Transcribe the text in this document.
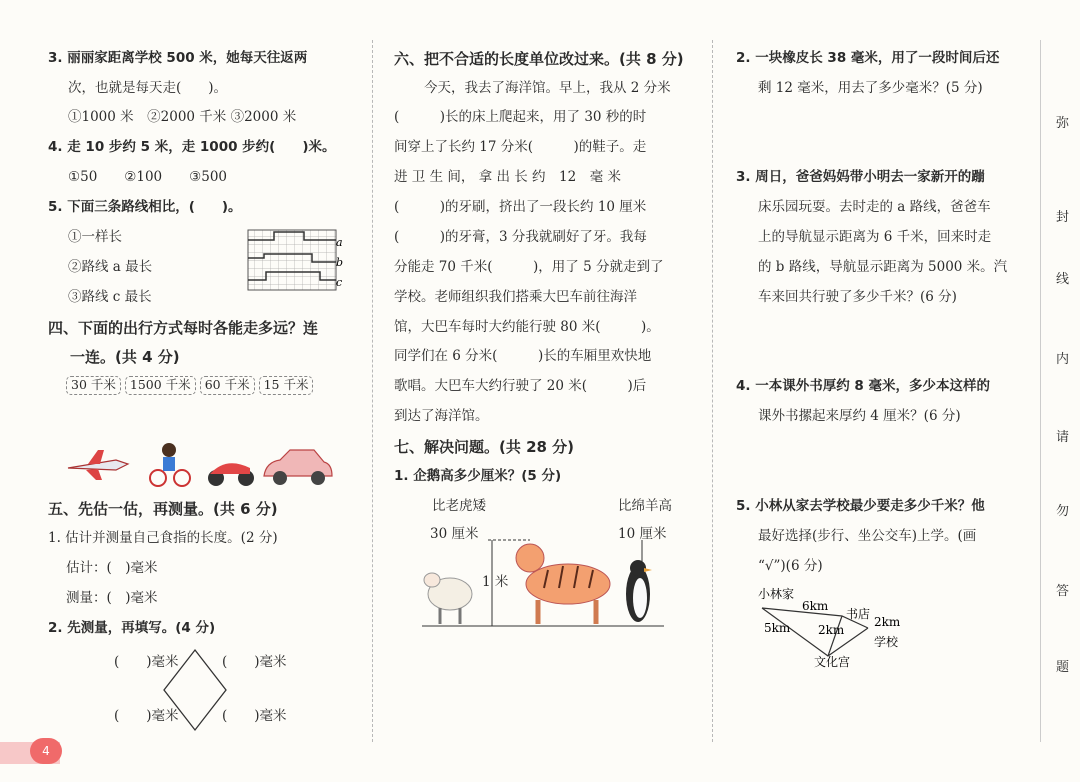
3. 丽丽家距离学校 500 米，她每天往返两
次，也就是每天走(　　)。
①1000 米　②2000 千米 ③2000 米
4. 走 10 步约 5 米，走 1000 步约(　　)米。
①50　　②100　　③500
5. 下面三条路线相比，(　　)。
①一样长
②路线 a 最长
③路线 c 最长
a
b
c
四、下面的出行方式每时各能走多远？连
一连。(共 4 分)
30 千米 1500 千米 60 千米 15 千米
五、先估一估，再测量。(共 6 分)
1. 估计并测量自己食指的长度。(2 分)
估计：(　)毫米
测量：(　)毫米
2. 先测量，再填写。(4 分)
(　　)毫米	(　　)毫米
(　　)毫米	(　　)毫米
六、把不合适的长度单位改过来。(共 8 分)
今天，我去了海洋馆。早上，我从 2 分米
(　　　)长的床上爬起来，用了 30 秒的时
间穿上了长约 17 分米(　　　)的鞋子。走
进 卫 生 间， 拿 出 长 约　12　毫 米
(　　　)的牙刷，挤出了一段长约 10 厘米
(　　　)的牙膏，3 分我就刷好了牙。我每
分能走 70 千米(　　　)，用了 5 分就走到了
学校。老师组织我们搭乘大巴车前往海洋
馆，大巴车每时大约能行驶 80 米(　　　)。
同学们在 6 分米(　　　)长的车厢里欢快地
歌唱。大巴车大约行驶了 20 米(　　　)后
到达了海洋馆。
七、解决问题。(共 28 分)
1. 企鹅高多少厘米？(5 分)
比老虎矮	比绵羊高
30 厘米	10 厘米
1 米
2. 一块橡皮长 38 毫米，用了一段时间后还
剩 12 毫米，用去了多少毫米？(5 分)
3. 周日，爸爸妈妈带小明去一家新开的蹦
床乐园玩耍。去时走的 a 路线，爸爸车
上的导航显示距离为 6 千米，回来时走
的 b 路线，导航显示距离为 5000 米。汽
车来回共行驶了多少千米？(6 分)
4. 一本课外书厚约 8 毫米，多少本这样的
课外书摞起来厚约 4 厘米？(6 分)
5. 小林从家去学校最少要走多少千米？他
最好选择(步行、坐公交车)上学。(画
“√”)(6 分)
小林家
书店
学校
文化宫
6km
2km
5km 2km
弥
封
线
内
请
勿
答
题
4
